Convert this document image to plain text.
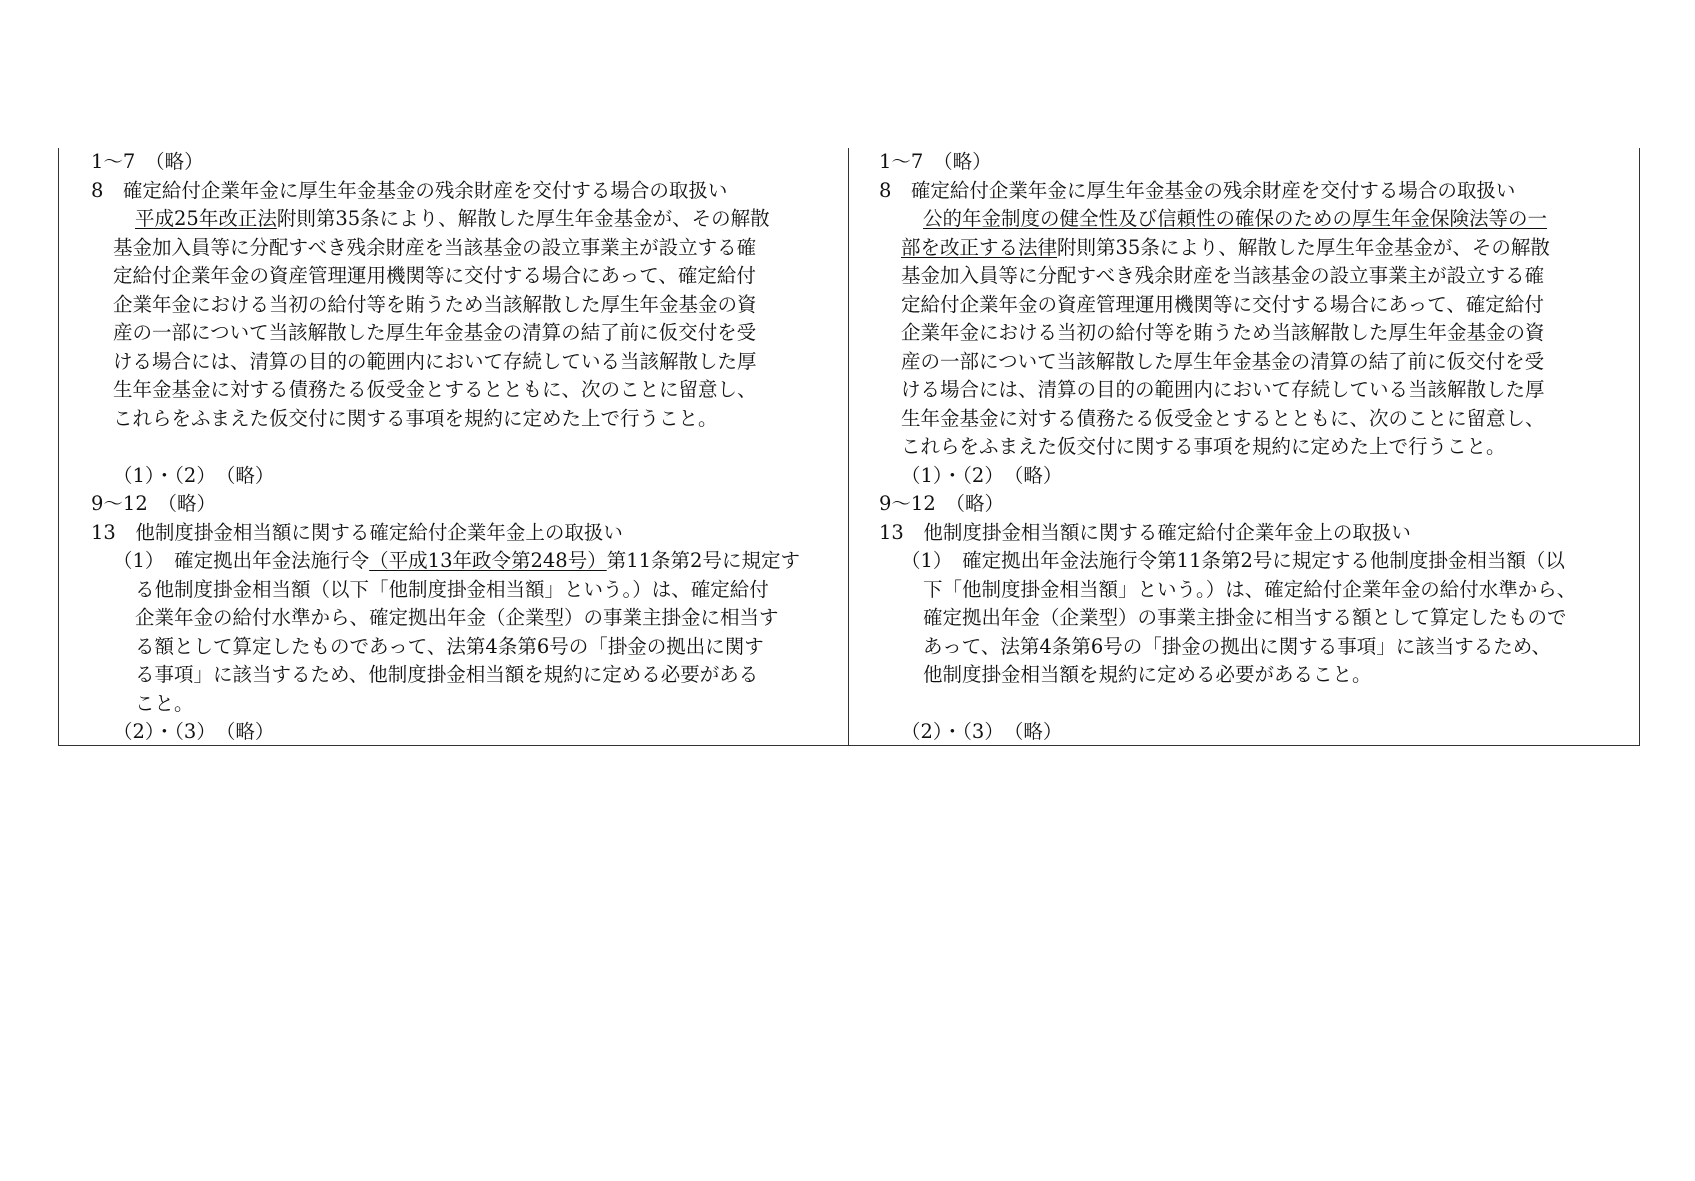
1〜7　（略）
8　確定給付企業年金に厚生年金基金の残余財産を交付する場合の取扱い
平成25年改正法附則第35条により、解散した厚生年金基金が、その解散
基金加入員等に分配すべき残余財産を当該基金の設立事業主が設立する確
定給付企業年金の資産管理運用機関等に交付する場合にあって、確定給付
企業年金における当初の給付等を賄うため当該解散した厚生年金基金の資
産の一部について当該解散した厚生年金基金の清算の結了前に仮交付を受
ける場合には、清算の目的の範囲内において存続している当該解散した厚
生年金基金に対する債務たる仮受金とするとともに、次のことに留意し、
これらをふまえた仮交付に関する事項を規約に定めた上で行うこと。
（1）・（2）　（略）
9〜12　（略）
13　他制度掛金相当額に関する確定給付企業年金上の取扱い
（1）　確定拠出年金法施行令（平成13年政令第248号）第11条第2号に規定す
る他制度掛金相当額（以下「他制度掛金相当額」という。）は、確定給付
企業年金の給付水準から、確定拠出年金（企業型）の事業主掛金に相当す
る額として算定したものであって、法第4条第6号の「掛金の拠出に関す
る事項」に該当するため、他制度掛金相当額を規約に定める必要がある
こと。
（2）・（3）　（略）
1〜7　（略）
8　確定給付企業年金に厚生年金基金の残余財産を交付する場合の取扱い
公的年金制度の健全性及び信頼性の確保のための厚生年金保険法等の一
部を改正する法律附則第35条により、解散した厚生年金基金が、その解散
基金加入員等に分配すべき残余財産を当該基金の設立事業主が設立する確
定給付企業年金の資産管理運用機関等に交付する場合にあって、確定給付
企業年金における当初の給付等を賄うため当該解散した厚生年金基金の資
産の一部について当該解散した厚生年金基金の清算の結了前に仮交付を受
ける場合には、清算の目的の範囲内において存続している当該解散した厚
生年金基金に対する債務たる仮受金とするとともに、次のことに留意し、
これらをふまえた仮交付に関する事項を規約に定めた上で行うこと。
（1）・（2）　（略）
9〜12　（略）
13　他制度掛金相当額に関する確定給付企業年金上の取扱い
（1）　確定拠出年金法施行令第11条第2号に規定する他制度掛金相当額（以
下「他制度掛金相当額」という。）は、確定給付企業年金の給付水準から、
確定拠出年金（企業型）の事業主掛金に相当する額として算定したもので
あって、法第4条第6号の「掛金の拠出に関する事項」に該当するため、
他制度掛金相当額を規約に定める必要があること。
（2）・（3）　（略）
